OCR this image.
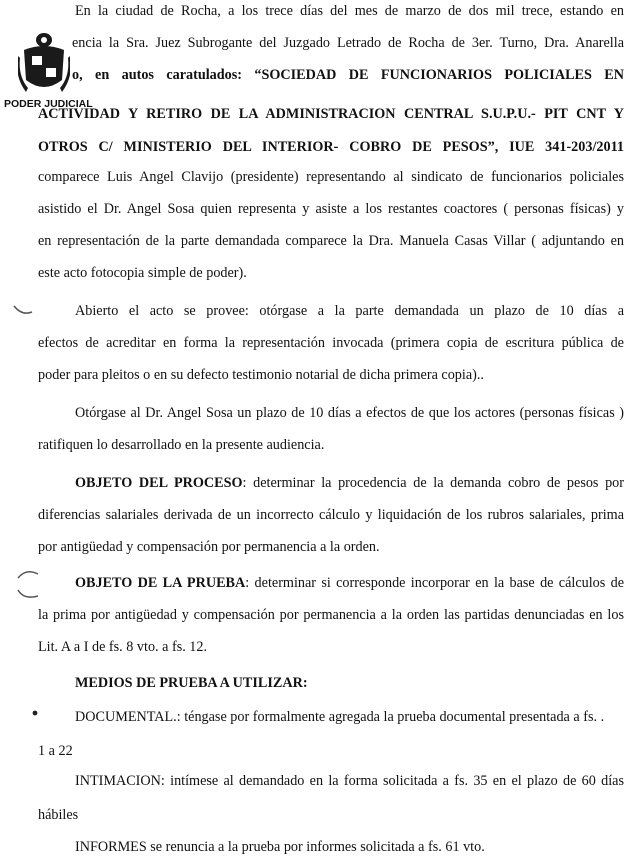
PODER JUDICIAL
En la ciudad de Rocha, a los trece días del mes de marzo de dos mil trece, estando en
encia la Sra. Juez Subrogante del Juzgado Letrado de Rocha de 3er. Turno, Dra. Anarella
o, en autos caratulados: “SOCIEDAD DE FUNCIONARIOS POLICIALES EN
ACTIVIDAD Y RETIRO DE LA ADMINISTRACION CENTRAL S.U.P.U.- PIT CNT Y
OTROS C/ MINISTERIO DEL INTERIOR- COBRO DE PESOS”, IUE 341-203/2011
comparece Luis Angel Clavijo (presidente) representando al sindicato de funcionarios policiales
asistido el Dr. Angel Sosa quien representa y asiste a los restantes coactores ( personas físicas) y
en representación de la parte demandada comparece la Dra. Manuela Casas Villar ( adjuntando en
este acto fotocopia simple de poder).
Abierto el acto se provee: otórgase a la parte demandada un plazo de 10 días a
efectos de acreditar en forma la representación invocada (primera copia de escritura pública de
poder para pleitos o en su defecto testimonio notarial de dicha primera copia)..
Otórgase al Dr. Angel Sosa un plazo de 10 días a efectos de que los actores (personas físicas )
ratifiquen lo desarrollado en la presente audiencia.
OBJETO DEL PROCESO: determinar la procedencia de la demanda cobro de pesos por
diferencias salariales derivada de un incorrecto cálculo y liquidación de los rubros salariales, prima
por antigüedad y compensación por permanencia a la orden.
OBJETO DE LA PRUEBA: determinar si corresponde incorporar en la base de cálculos de
la prima por antigüedad y compensación por permanencia a la orden las partidas denunciadas en los
Lit. A a I de fs. 8 vto. a fs. 12.
MEDIOS DE PRUEBA A UTILIZAR:
DOCUMENTAL.: téngase por formalmente agregada la prueba documental presentada a fs. .
1 a 22
INTIMACION: intímese al demandado en la forma solicitada a fs. 35 en el plazo de 60 días
hábiles
INFORMES se renuncia a la prueba por informes solicitada a fs. 61 vto.
